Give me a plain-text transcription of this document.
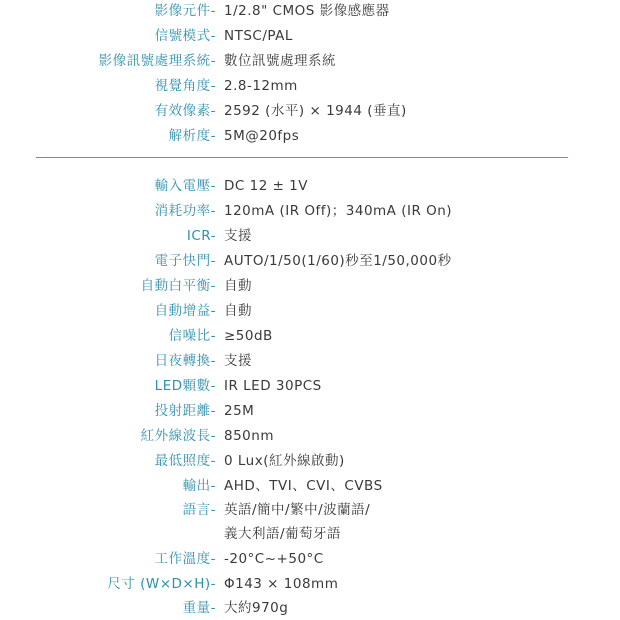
影像元件- 1/2.8" CMOS 影像感應器
信號模式- NTSC/PAL
影像訊號處理系統- 數位訊號處理系統
視覺角度- 2.8-12mm
有效像素- 2592 (水平) × 1944 (垂直)
解析度- 5M@20fps
輸入電壓- DC 12 ± 1V
消耗功率- 120mA (IR Off)；340mA (IR On)
ICR- 支援
電子快門- AUTO/1/50(1/60)秒至1/50,000秒
自動白平衡- 自動
自動增益- 自動
信噪比- ≥50dB
日夜轉換- 支援
LED顆數- IR LED 30PCS
投射距離- 25M
紅外線波長- 850nm
最低照度- 0 Lux(紅外線啟動)
輸出- AHD、TVI、CVI、CVBS
語言- 英語/簡中/繁中/波蘭語/
義大利語/葡萄牙語
工作溫度- -20°C~+50°C
尺寸 (W×D×H)- Φ143 × 108mm
重量- 大約970g
